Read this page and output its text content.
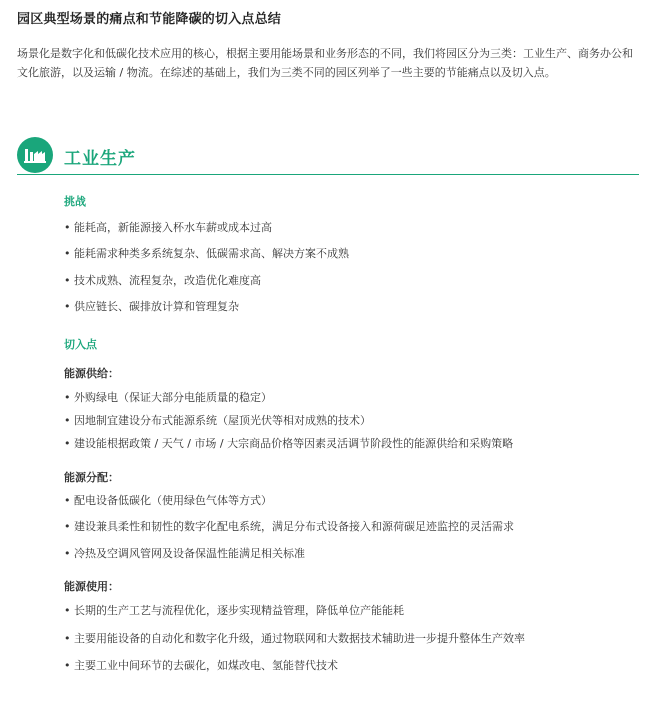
园区典型场景的痛点和节能降碳的切入点总结
场景化是数字化和低碳化技术应用的核心，根据主要用能场景和业务形态的不同，我们将园区分为三类：工业生产、商务办公和文化旅游，以及运输 / 物流。在综述的基础上，我们为三类不同的园区列举了一些主要的节能痛点以及切入点。
工业生产
挑战
• 能耗高，新能源接入杯水车薪或成本过高
• 能耗需求种类多系统复杂、低碳需求高、解决方案不成熟
• 技术成熟、流程复杂，改造优化难度高
• 供应链长、碳排放计算和管理复杂
切入点
能源供给：
• 外购绿电（保证大部分电能质量的稳定）
• 因地制宜建设分布式能源系统（屋顶光伏等相对成熟的技术）
• 建设能根据政策 / 天气 / 市场 / 大宗商品价格等因素灵活调节阶段性的能源供给和采购策略
能源分配：
• 配电设备低碳化（使用绿色气体等方式）
• 建设兼具柔性和韧性的数字化配电系统，满足分布式设备接入和源荷碳足迹监控的灵活需求
• 冷热及空调风管网及设备保温性能满足相关标准
能源使用：
• 长期的生产工艺与流程优化，逐步实现精益管理，降低单位产能能耗
• 主要用能设备的自动化和数字化升级，通过物联网和大数据技术辅助进一步提升整体生产效率
• 主要工业中间环节的去碳化，如煤改电、氢能替代技术
